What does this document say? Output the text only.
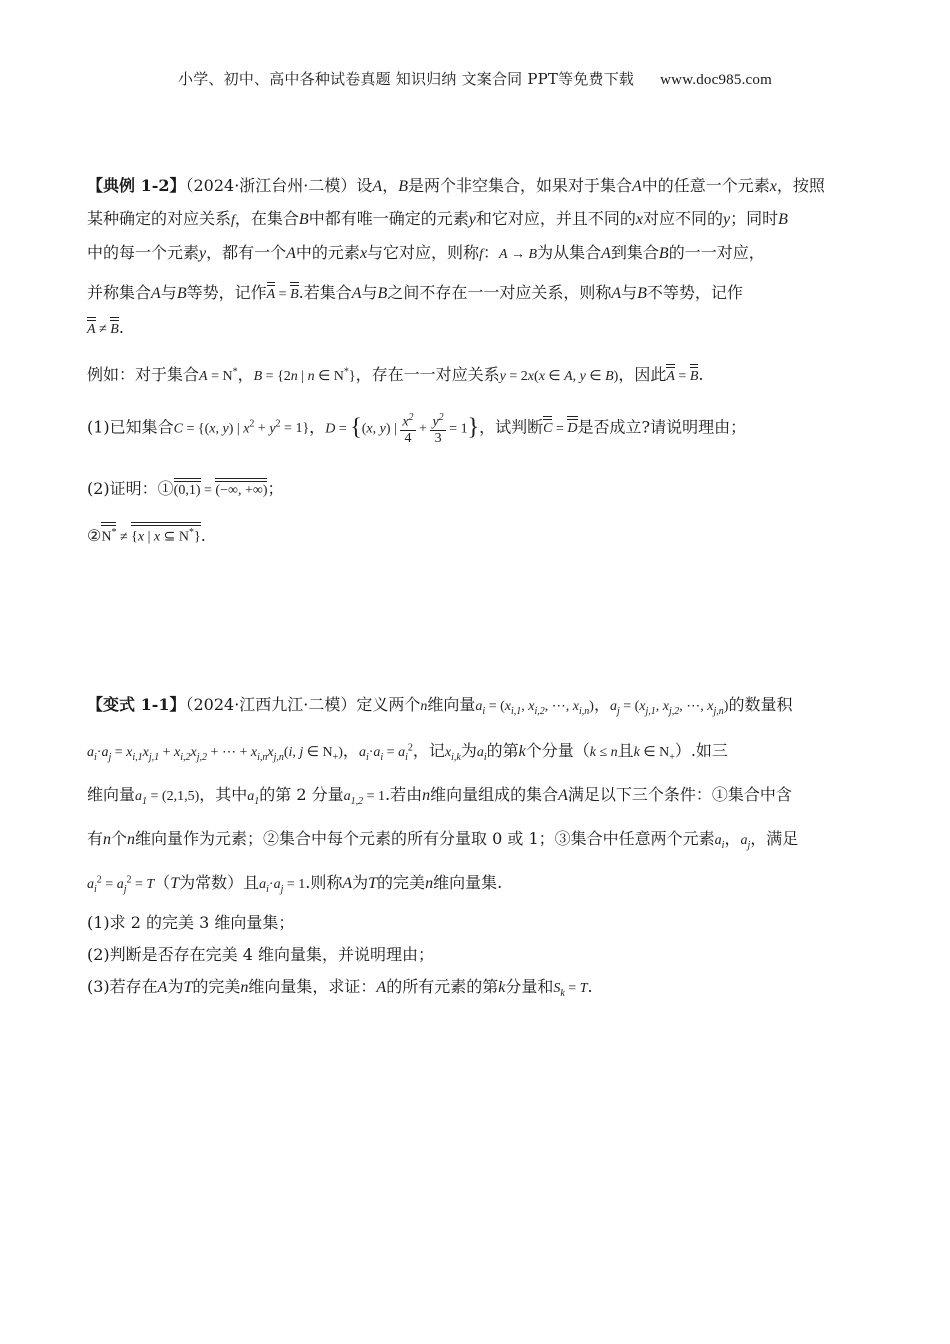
小学、初中、高中各种试卷真题 知识归纳 文案合同 PPT等免费下载 www.doc985.com
【典例 1-2】（2024·浙江台州·二模）设A，B是两个非空集合，如果对于集合A中的任意一个元素x，按照
某种确定的对应关系f，在集合B中都有唯一确定的元素y和它对应，并且不同的x对应不同的y；同时B
中的每一个元素y，都有一个A中的元素x与它对应，则称f：A → B为从集合A到集合B的一一对应，
并称集合A与B等势，记作A = B.若集合A与B之间不存在一一对应关系，则称A与B不等势，记作
A ≠ B.
例如：对于集合A = N*，B = {2n | n ∈ N*}，存在一一对应关系y = 2x(x ∈ A, y ∈ B)，因此A = B.
(1)已知集合C = {(x, y) | $x^2 + y^2 = 1$}，D = {(x, y) | $\frac{x^2}{4} + \frac{y^2}{3} = 1$}，试判断C = D是否成立?请说明理由；
(2)证明：①(0,1) = (−∞, +∞)；
②N* ≠ {x | x ⊆ N*}.
【变式 1-1】（2024·江西九江·二模）定义两个n维向量$a_i = (x_{i,1}$, $x_{i,2}$, ⋯, $x_{i,n}$)，$a_j = (x_{j,1}$, $x_{j,2}$, ⋯, $x_{j,n}$)的数量积
$a_i\cdot a_j = x_{i,1}x_{j,1} + x_{i,2}x_{j,2}$ + ⋯ + $x_{i,n}x_{j,n}(i$, j ∈ $N_+$)，$a_i\cdot a_i = a_i^2$，记$x_{i,k}$为$a_i$的第k个分量（k ≤ n且k ∈ $N_+$）.如三
维向量$a_1 = (2,1,5)$，其中$a_1$的第 2 分量$a_{1,2} = 1$.若由n维向量组成的集合A满足以下三个条件：①集合中含
有n个n维向量作为元素；②集合中每个元素的所有分量取 0 或 1；③集合中任意两个元素$a_i$，$a_j$，满足
$a_i^2 = a_j^2 = T(T$为常数）且$a_i\cdot a_j = 1$.则称A为T的完美n维向量集.
(1)求 2 的完美 3 维向量集；
(2)判断是否存在完美 4 维向量集，并说明理由；
(3)若存在A为T的完美n维向量集，求证：A的所有元素的第k分量和$S_k = T$.
